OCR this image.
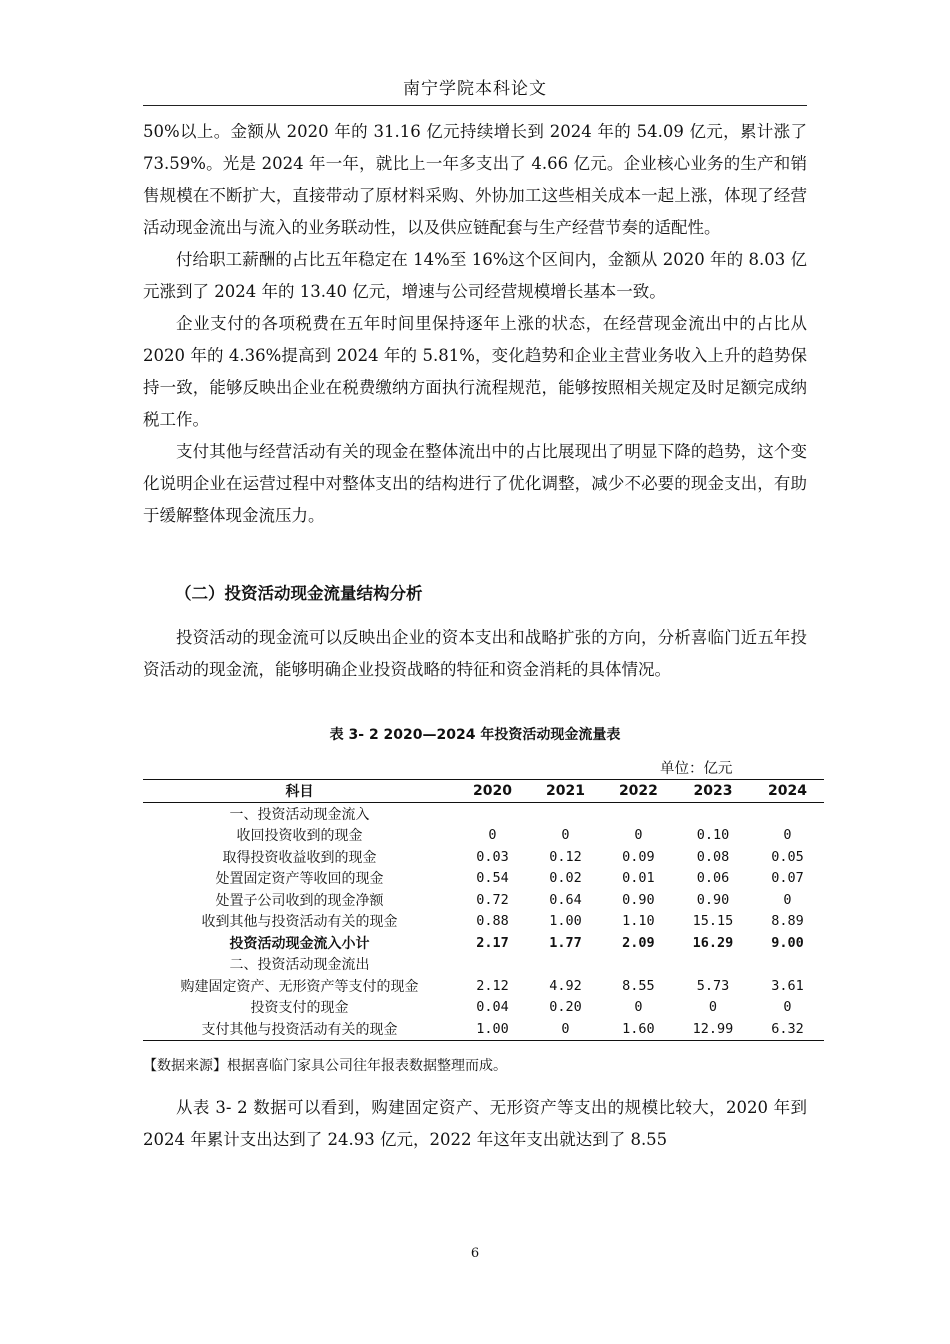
南宁学院本科论文

50%以上。金额从 2020 年的 31.16 亿元持续增长到 2024 年的 54.09 亿元，累计涨了 73.59%。光是 2024 年一年，就比上一年多支出了 4.66 亿元。企业核心业务的生产和销售规模在不断扩大，直接带动了原材料采购、外协加工这些相关成本一起上涨，体现了经营活动现金流出与流入的业务联动性，以及供应链配套与生产经营节奏的适配性。

付给职工薪酬的占比五年稳定在 14%至 16%这个区间内，金额从 2020 年的 8.03 亿元涨到了 2024 年的 13.40 亿元，增速与公司经营规模增长基本一致。

企业支付的各项税费在五年时间里保持逐年上涨的状态，在经营现金流出中的占比从 2020 年的 4.36%提高到 2024 年的 5.81%，变化趋势和企业主营业务收入上升的趋势保持一致，能够反映出企业在税费缴纳方面执行流程规范，能够按照相关规定及时足额完成纳税工作。

支付其他与经营活动有关的现金在整体流出中的占比展现出了明显下降的趋势，这个变化说明企业在运营过程中对整体支出的结构进行了优化调整，减少不必要的现金支出，有助于缓解整体现金流压力。

（二）投资活动现金流量结构分析

投资活动的现金流可以反映出企业的资本支出和战略扩张的方向，分析喜临门近五年投资活动的现金流，能够明确企业投资战略的特征和资金消耗的具体情况。

表 3- 2 2020—2024 年投资活动现金流量表
单位：亿元
科目	2020	2021	2022	2023	2024
一、投资活动现金流入					
收回投资收到的现金	0	0	0	0.10	0
取得投资收益收到的现金	0.03	0.12	0.09	0.08	0.05
处置固定资产等收回的现金	0.54	0.02	0.01	0.06	0.07
处置子公司收到的现金净额	0.72	0.64	0.90	0.90	0
收到其他与投资活动有关的现金	0.88	1.00	1.10	15.15	8.89
投资活动现金流入小计	2.17	1.77	2.09	16.29	9.00
二、投资活动现金流出					
购建固定资产、无形资产等支付的现金	2.12	4.92	8.55	5.73	3.61
投资支付的现金	0.04	0.20	0	0	0
支付其他与投资活动有关的现金	1.00	0	1.60	12.99	6.32
【数据来源】根据喜临门家具公司往年报表数据整理而成。

从表 3- 2 数据可以看到，购建固定资产、无形资产等支出的规模比较大，2020 年到 2024 年累计支出达到了 24.93 亿元，2022 年这年支出就达到了 8.55

6
